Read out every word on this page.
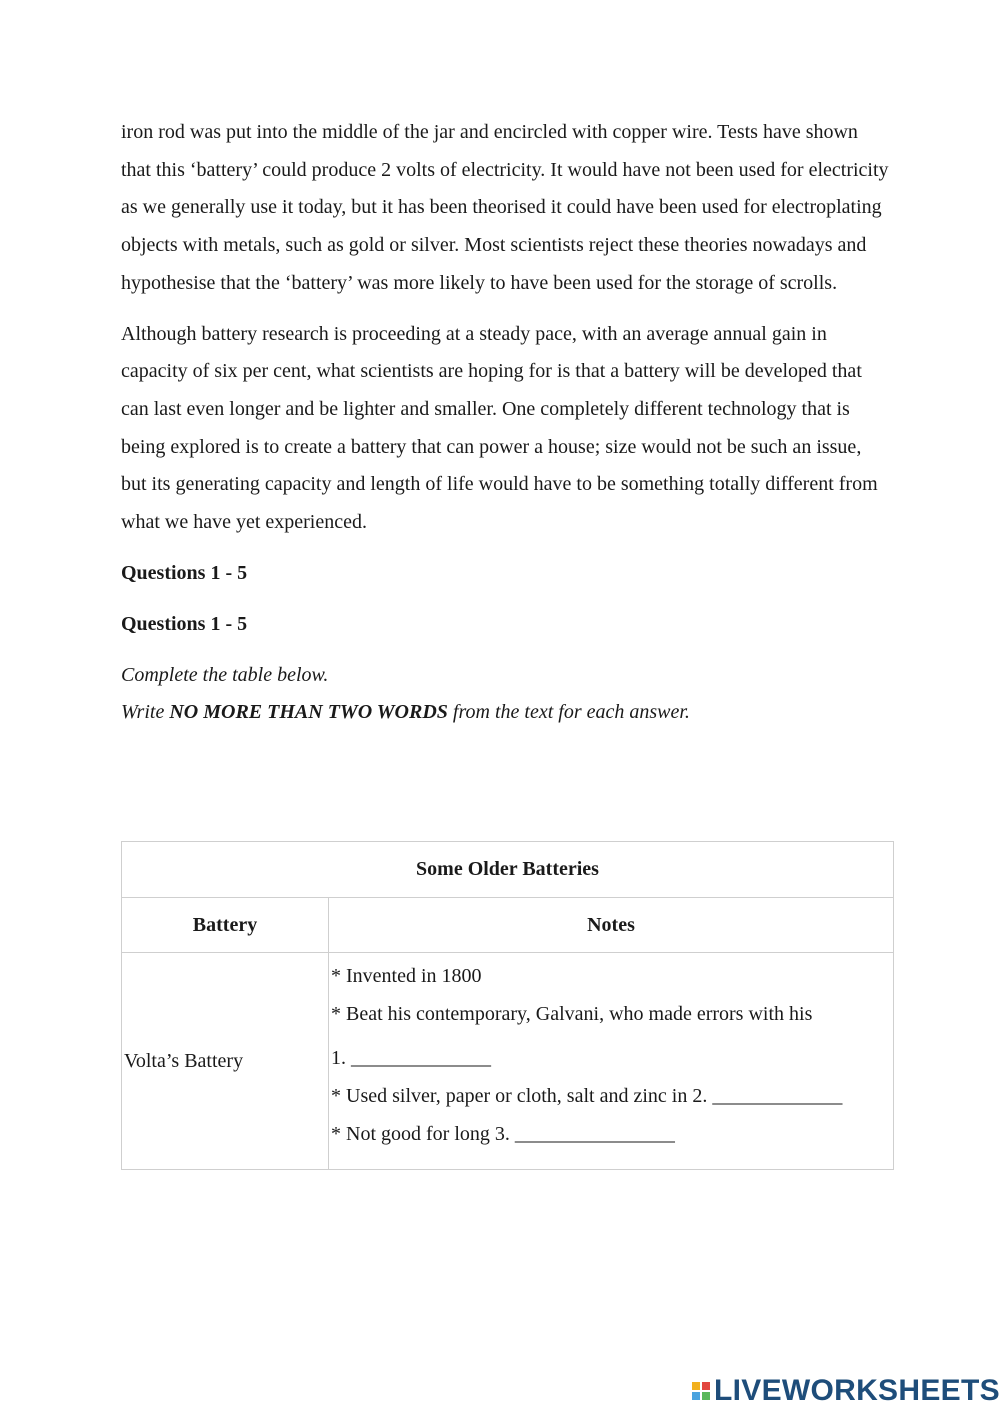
iron rod was put into the middle of the jar and encircled with copper wire. Tests have shown that this ‘battery’ could produce 2 volts of electricity. It would have not been used for electricity as we generally use it today, but it has been theorised it could have been used for electroplating objects with metals, such as gold or silver. Most scientists reject these theories nowadays and hypothesise that the ‘battery’ was more likely to have been used for the storage of scrolls.

Although battery research is proceeding at a steady pace, with an average annual gain in capacity of six per cent, what scientists are hoping for is that a battery will be developed that can last even longer and be lighter and smaller. One completely different technology that is being explored is to create a battery that can power a house; size would not be such an issue, but its generating capacity and length of life would have to be something totally different from what we have yet experienced.

Questions 1 - 5

Questions 1 - 5

Complete the table below.

Write NO MORE THAN TWO WORDS from the text for each answer.

Some Older Batteries	
Battery	Notes
Volta’s Battery	* Invented in 1800
* Beat his contemporary, Galvani, who made errors with his
1. ______________
* Used silver, paper or cloth, salt and zinc in 2. _____________
* Not good for long 3. ________________
LIVEWORKSHEETS
